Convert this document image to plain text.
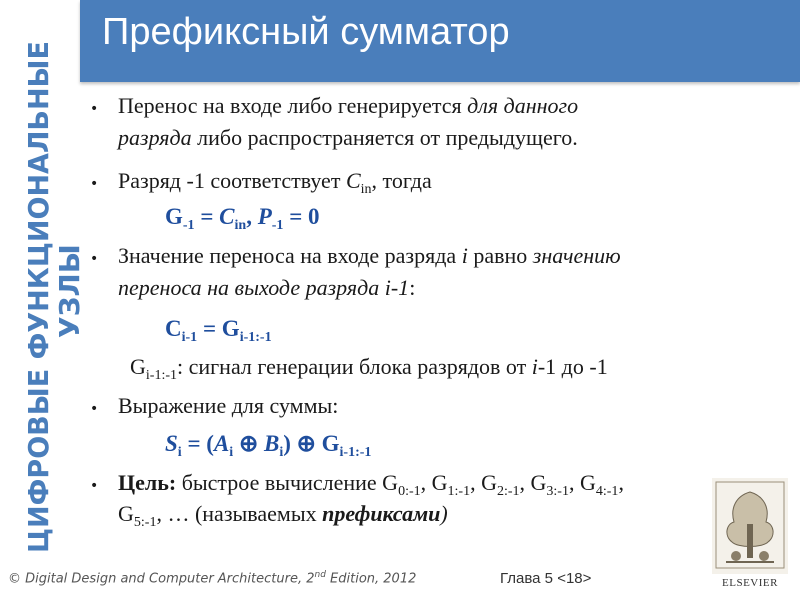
Префиксный сумматор
ЦИФРОВЫЕ ФУНКЦИОНАЛЬНЫЕ
УЗЛЫ
• Перенос на входе либо генерируется для данного
разряда либо распространяется от предыдущего.
• Разряд -1 соответствует $C_{in}$, тогда
$G_{-1} = C_{in}$, $P_{-1} = 0$
• Значение переноса на входе разряда i равно значению
переноса на выходе разряда i-1:
$C_{i-1} = G_{i-1:-1}$
$G_{i-1:-1}$: сигнал генерации блока разрядов от i-1 до -1
• Выражение для суммы:
$S_i = (A_i$ ⊕ $B_i$) ⊕ $G_{i-1:-1}$
• Цель: быстрое вычисление $G_{0:-1}$, $G_{1:-1}$, $G_{2:-1}$, $G_{3:-1}$, $G_{4:-1}$,
$G_{5:-1}$, … (называемых префиксами)
© Digital Design and Computer Architecture, 2nd Edition, 2012	Глава 5 <18>	ELSEVIER
